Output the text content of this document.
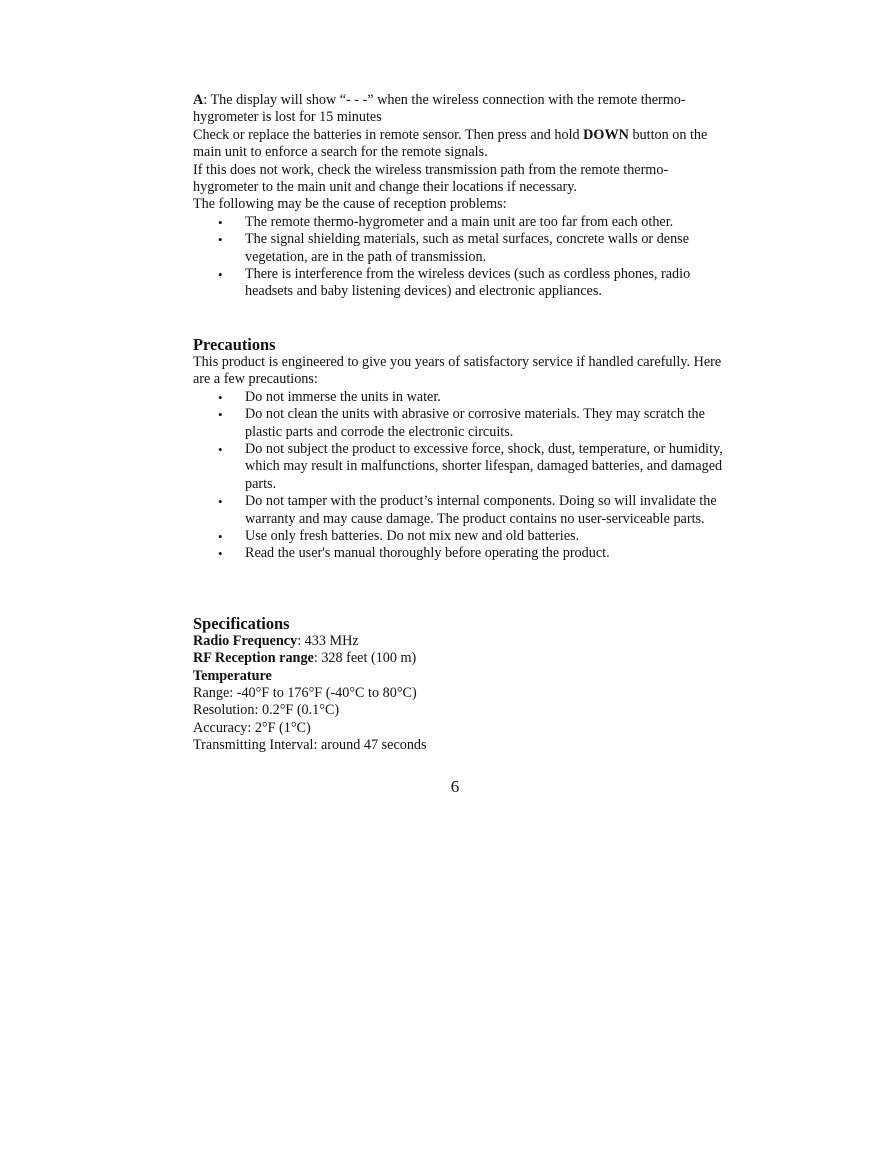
A: The display will show “- - -” when the wireless connection with the remote thermo-hygrometer is lost for 15 minutes

Check or replace the batteries in remote sensor. Then press and hold DOWN button on the main unit to enforce a search for the remote signals.

If this does not work, check the wireless transmission path from the remote thermo-hygrometer to the main unit and change their locations if necessary.

The following may be the cause of reception problems:

• The remote thermo-hygrometer and a main unit are too far from each other.
• The signal shielding materials, such as metal surfaces, concrete walls or dense vegetation, are in the path of transmission.
• There is interference from the wireless devices (such as cordless phones, radio headsets and baby listening devices) and electronic appliances.
Precautions

This product is engineered to give you years of satisfactory service if handled carefully. Here are a few precautions:

• Do not immerse the units in water.
• Do not clean the units with abrasive or corrosive materials. They may scratch the plastic parts and corrode the electronic circuits.
• Do not subject the product to excessive force, shock, dust, temperature, or humidity, which may result in malfunctions, shorter lifespan, damaged batteries, and damaged parts.
• Do not tamper with the product’s internal components. Doing so will invalidate the warranty and may cause damage. The product contains no user-serviceable parts.
• Use only fresh batteries. Do not mix new and old batteries.
• Read the user's manual thoroughly before operating the product.
Specifications

Radio Frequency: 433 MHz

RF Reception range: 328 feet (100 m)

Temperature

Range: -40°F to 176°F (-40°C to 80°C)

Resolution: 0.2°F (0.1°C)

Accuracy: 2°F (1°C)

Transmitting Interval: around 47 seconds

6
